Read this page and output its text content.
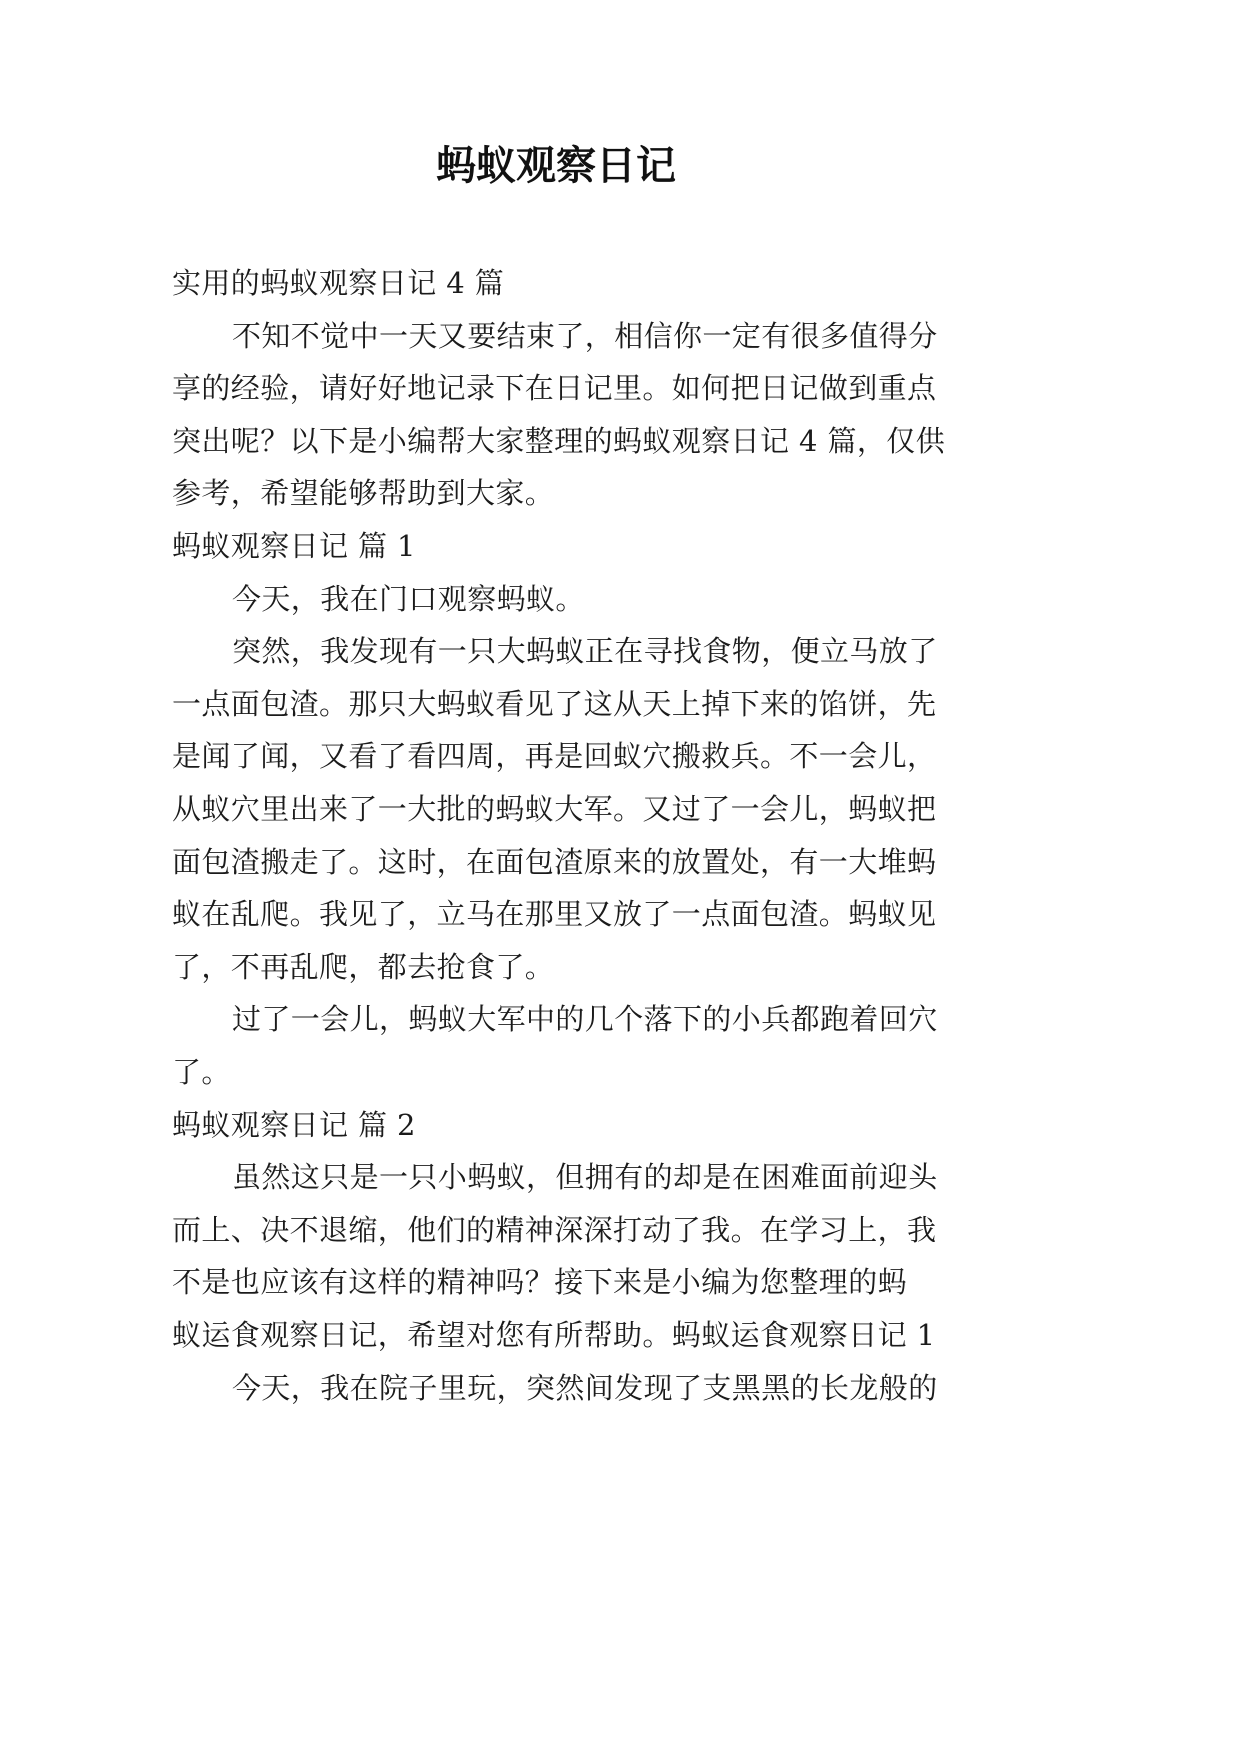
蚂蚁观察日记
实用的蚂蚁观察日记 4 篇
不知不觉中一天又要结束了，相信你一定有很多值得分
享的经验，请好好地记录下在日记里。如何把日记做到重点
突出呢？以下是小编帮大家整理的蚂蚁观察日记 4 篇，仅供
参考，希望能够帮助到大家。
蚂蚁观察日记 篇 1
今天，我在门口观察蚂蚁。
突然，我发现有一只大蚂蚁正在寻找食物，便立马放了
一点面包渣。那只大蚂蚁看见了这从天上掉下来的馅饼，先
是闻了闻，又看了看四周，再是回蚁穴搬救兵。不一会儿，
从蚁穴里出来了一大批的蚂蚁大军。又过了一会儿，蚂蚁把
面包渣搬走了。这时，在面包渣原来的放置处，有一大堆蚂
蚁在乱爬。我见了，立马在那里又放了一点面包渣。蚂蚁见
了，不再乱爬，都去抢食了。
过了一会儿，蚂蚁大军中的几个落下的小兵都跑着回穴
了。
蚂蚁观察日记 篇 2
虽然这只是一只小蚂蚁，但拥有的却是在困难面前迎头
而上、决不退缩，他们的精神深深打动了我。在学习上，我
不是也应该有这样的精神吗？接下来是小编为您整理的蚂
蚁运食观察日记，希望对您有所帮助。蚂蚁运食观察日记 1
今天，我在院子里玩，突然间发现了支黑黑的长龙般的
